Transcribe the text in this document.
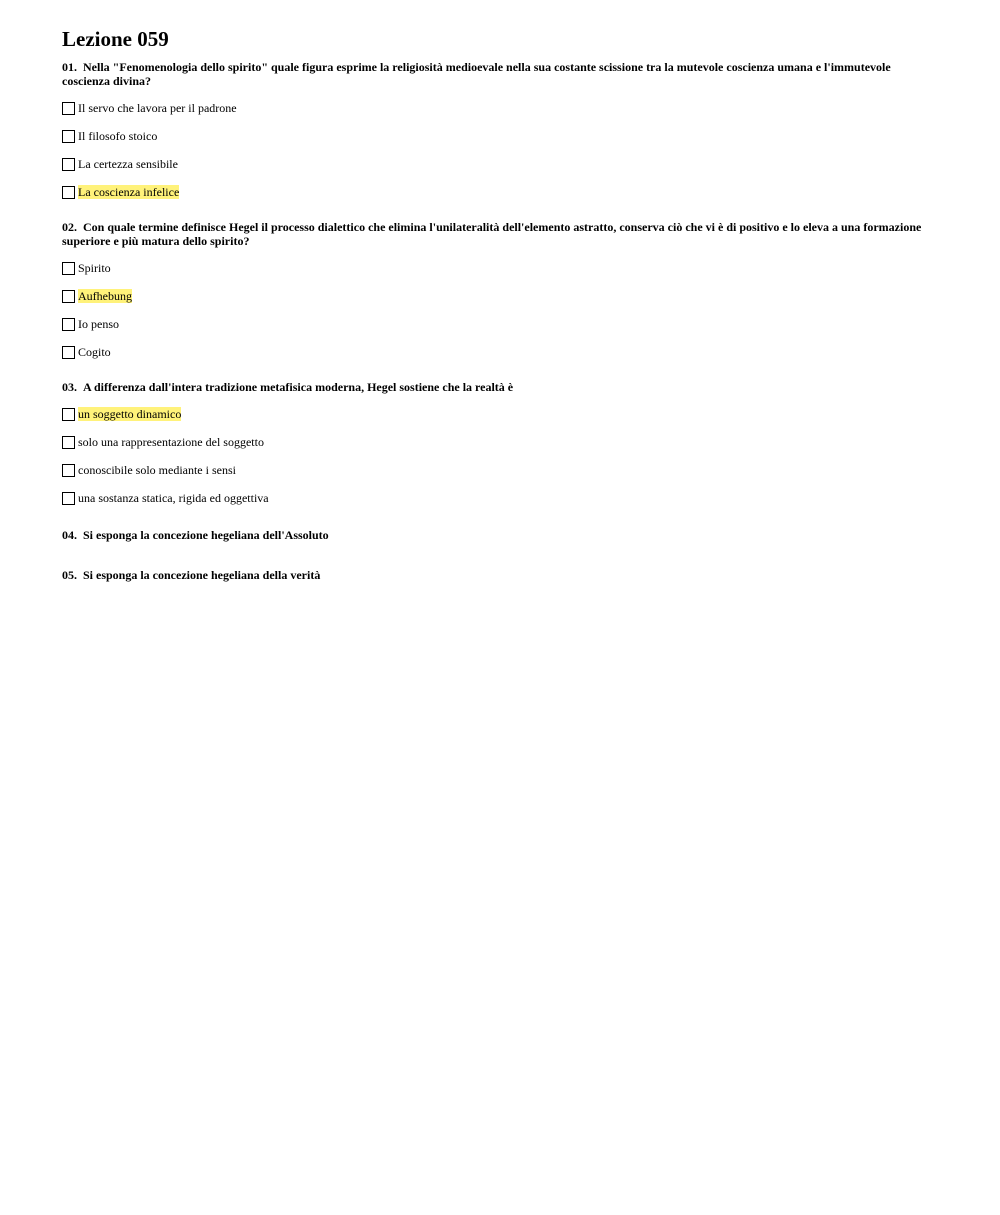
Lezione 059
01. Nella "Fenomenologia dello spirito" quale figura esprime la religiosità medioevale nella sua costante scissione tra la mutevole coscienza umana e l'immutevole coscienza divina?
Il servo che lavora per il padrone
Il filosofo stoico
La certezza sensibile
La coscienza infelice
02. Con quale termine definisce Hegel il processo dialettico che elimina l'unilateralità dell'elemento astratto, conserva ciò che vi è di positivo e lo eleva a una formazione superiore e più matura dello spirito?
Spirito
Aufhebung
Io penso
Cogito
03. A differenza dall'intera tradizione metafisica moderna, Hegel sostiene che la realtà è
un soggetto dinamico
solo una rappresentazione del soggetto
conoscibile solo mediante i sensi
una sostanza statica, rigida ed oggettiva
04. Si esponga la concezione hegeliana dell'Assoluto
05. Si esponga la concezione hegeliana della verità
